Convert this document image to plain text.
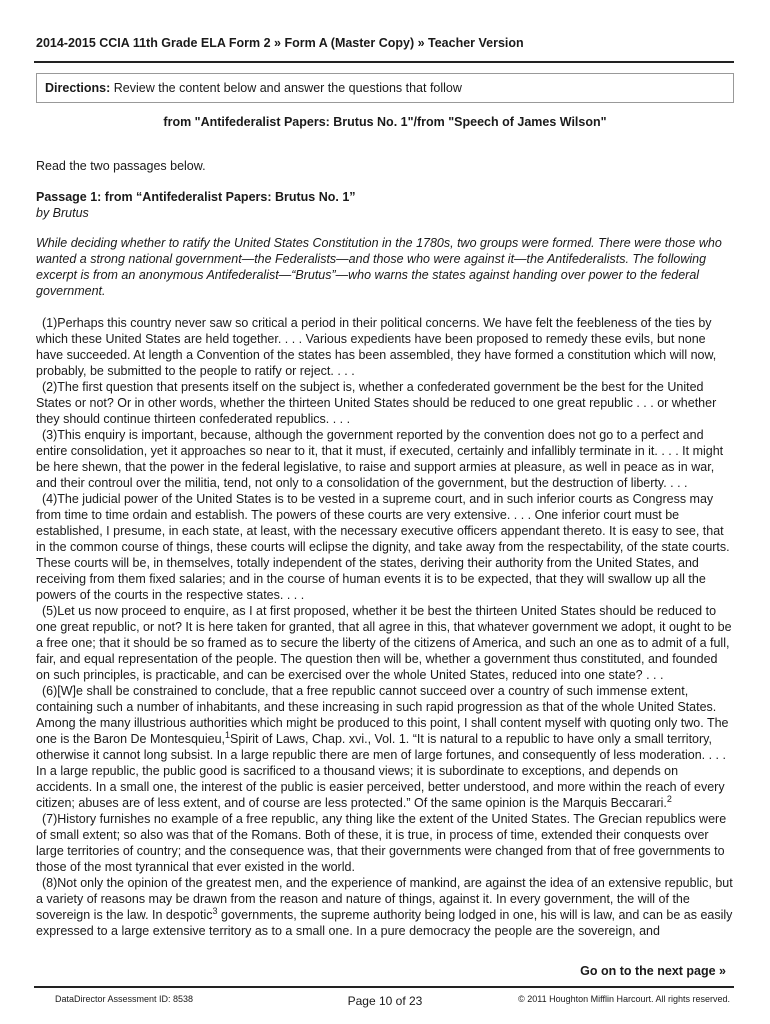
2014-2015 CCIA 11th Grade ELA Form 2 » Form A (Master Copy) » Teacher Version
Directions: Review the content below and answer the questions that follow
from "Antifederalist Papers: Brutus No. 1"/from "Speech of James Wilson"

Read the two passages below.

Passage 1: from “Antifederalist Papers: Brutus No. 1”

by Brutus

While deciding whether to ratify the United States Constitution in the 1780s, two groups were formed. There were those who wanted a strong national government—the Federalists—and those who were against it—the Antifederalists. The following excerpt is from an anonymous Antifederalist—“Brutus”—who warns the states against handing over power to the federal government.

(1)Perhaps this country never saw so critical a period in their political concerns. We have felt the feebleness of the ties by which these United States are held together. . . . Various expedients have been proposed to remedy these evils, but none have succeeded. At length a Convention of the states has been assembled, they have formed a constitution which will now, probably, be submitted to the people to ratify or reject. . . .

(2)The first question that presents itself on the subject is, whether a confederated government be the best for the United States or not? Or in other words, whether the thirteen United States should be reduced to one great republic . . . or whether they should continue thirteen confederated republics. . . .

(3)This enquiry is important, because, although the government reported by the convention does not go to a perfect and entire consolidation, yet it approaches so near to it, that it must, if executed, certainly and infallibly terminate in it. . . . It might be here shewn, that the power in the federal legislative, to raise and support armies at pleasure, as well in peace as in war, and their controul over the militia, tend, not only to a consolidation of the government, but the destruction of liberty. . . .

(4)The judicial power of the United States is to be vested in a supreme court, and in such inferior courts as Congress may from time to time ordain and establish. The powers of these courts are very extensive. . . . One inferior court must be established, I presume, in each state, at least, with the necessary executive officers appendant thereto. It is easy to see, that in the common course of things, these courts will eclipse the dignity, and take away from the respectability, of the state courts. These courts will be, in themselves, totally independent of the states, deriving their authority from the United States, and receiving from them fixed salaries; and in the course of human events it is to be expected, that they will swallow up all the powers of the courts in the respective states. . . .

(5)Let us now proceed to enquire, as I at first proposed, whether it be best the thirteen United States should be reduced to one great republic, or not? It is here taken for granted, that all agree in this, that whatever government we adopt, it ought to be a free one; that it should be so framed as to secure the liberty of the citizens of America, and such an one as to admit of a full, fair, and equal representation of the people. The question then will be, whether a government thus constituted, and founded on such principles, is practicable, and can be exercised over the whole United States, reduced into one state? . . .

(6)[W]e shall be constrained to conclude, that a free republic cannot succeed over a country of such immense extent, containing such a number of inhabitants, and these increasing in such rapid progression as that of the whole United States. Among the many illustrious authorities which might be produced to this point, I shall content myself with quoting only two. The one is the Baron De Montesquieu,$^1$Spirit of Laws, Chap. xvi., Vol. 1. “It is natural to a republic to have only a small territory, otherwise it cannot long subsist. In a large republic there are men of large fortunes, and consequently of less moderation. . . . In a large republic, the public good is sacrificed to a thousand views; it is subordinate to exceptions, and depends on accidents. In a small one, the interest of the public is easier perceived, better understood, and more within the reach of every citizen; abuses are of less extent, and of course are less protected.” Of the same opinion is the Marquis Beccarari.$^2$

(7)History furnishes no example of a free republic, any thing like the extent of the United States. The Grecian republics were of small extent; so also was that of the Romans. Both of these, it is true, in process of time, extended their conquests over large territories of country; and the consequence was, that their governments were changed from that of free governments to those of the most tyrannical that ever existed in the world.

(8)Not only the opinion of the greatest men, and the experience of mankind, are against the idea of an extensive republic, but a variety of reasons may be drawn from the reason and nature of things, against it. In every government, the will of the sovereign is the law. In despotic$^3$ governments, the supreme authority being lodged in one, his will is law, and can be as easily expressed to a large extensive territory as to a small one. In a pure democracy the people are the sovereign, and

Go on to the next page »
DataDirector Assessment ID: 8538	Page 10 of 23	© 2011 Houghton Mifflin Harcourt. All rights reserved.
